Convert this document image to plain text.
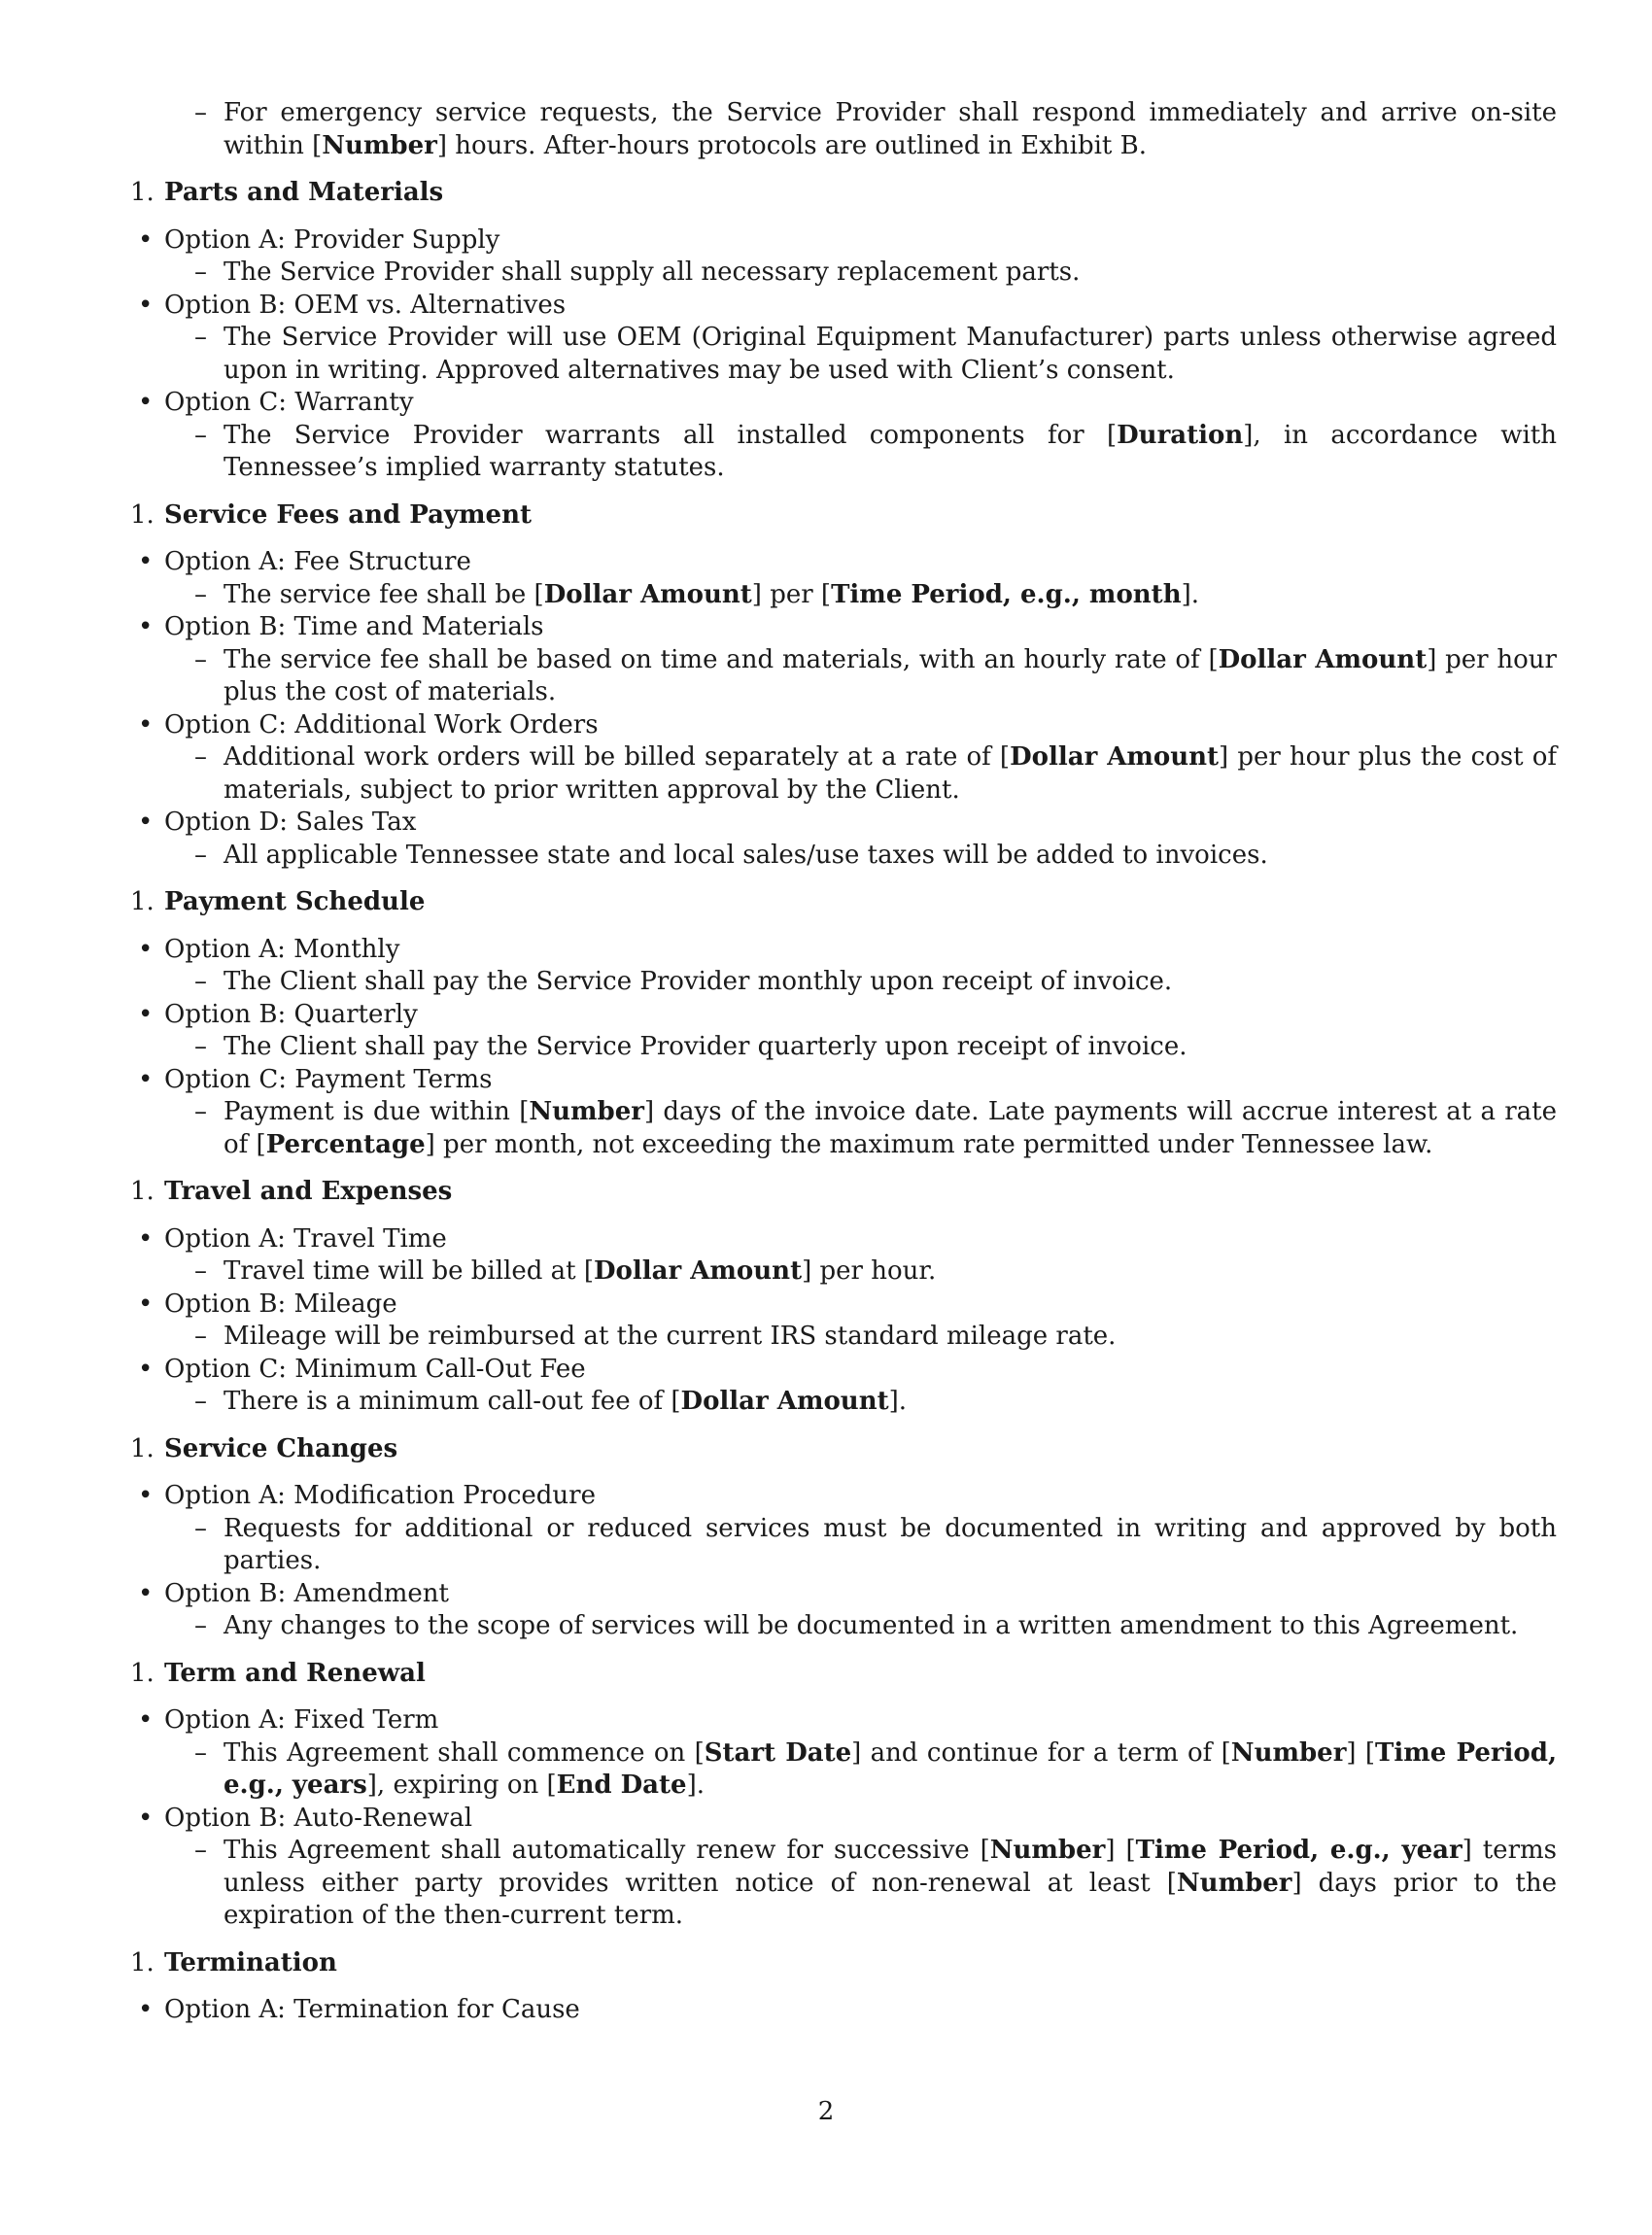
– For emergency service requests, the Service Provider shall respond immediately and arrive on-site within [Number] hours. After-hours protocols are outlined in Exhibit B.
1. Parts and Materials
• Option A: Provider Supply
– The Service Provider shall supply all necessary replacement parts.
• Option B: OEM vs. Alternatives
– The Service Provider will use OEM (Original Equipment Manufacturer) parts unless otherwise agreed upon in writing. Approved alternatives may be used with Client’s consent.
• Option C: Warranty
– The Service Provider warrants all installed components for [Duration], in accordance with Tennessee’s implied warranty statutes.
1. Service Fees and Payment
• Option A: Fee Structure
– The service fee shall be [Dollar Amount] per [Time Period, e.g., month].
• Option B: Time and Materials
– The service fee shall be based on time and materials, with an hourly rate of [Dollar Amount] per hour plus the cost of materials.
• Option C: Additional Work Orders
– Additional work orders will be billed separately at a rate of [Dollar Amount] per hour plus the cost of materials, subject to prior written approval by the Client.
• Option D: Sales Tax
– All applicable Tennessee state and local sales/use taxes will be added to invoices.
1. Payment Schedule
• Option A: Monthly
– The Client shall pay the Service Provider monthly upon receipt of invoice.
• Option B: Quarterly
– The Client shall pay the Service Provider quarterly upon receipt of invoice.
• Option C: Payment Terms
– Payment is due within [Number] days of the invoice date. Late payments will accrue interest at a rate of [Percentage] per month, not exceeding the maximum rate permitted under Tennessee law.
1. Travel and Expenses
• Option A: Travel Time
– Travel time will be billed at [Dollar Amount] per hour.
• Option B: Mileage
– Mileage will be reimbursed at the current IRS standard mileage rate.
• Option C: Minimum Call-Out Fee
– There is a minimum call-out fee of [Dollar Amount].
1. Service Changes
• Option A: Modification Procedure
– Requests for additional or reduced services must be documented in writing and approved by both parties.
• Option B: Amendment
– Any changes to the scope of services will be documented in a written amendment to this Agreement.
1. Term and Renewal
• Option A: Fixed Term
– This Agreement shall commence on [Start Date] and continue for a term of [Number] [Time Period, e.g., years], expiring on [End Date].
• Option B: Auto-Renewal
– This Agreement shall automatically renew for successive [Number] [Time Period, e.g., year] terms unless either party provides written notice of non-renewal at least [Number] days prior to the expiration of the then-current term.
1. Termination
• Option A: Termination for Cause
2
